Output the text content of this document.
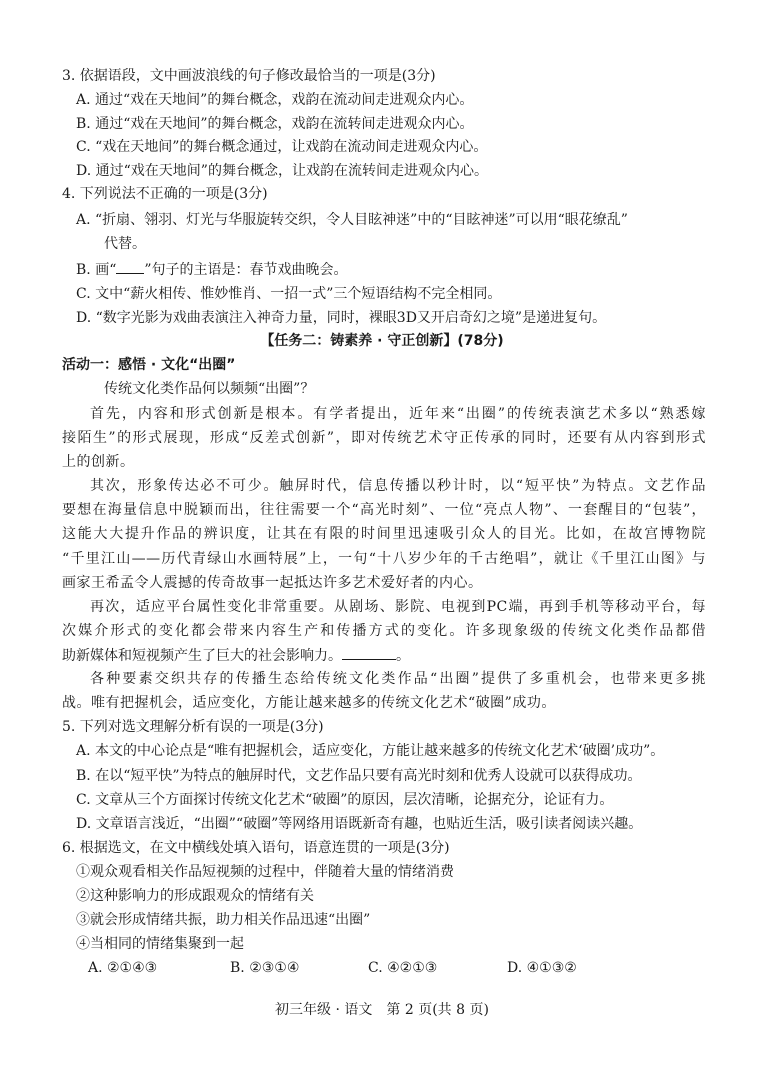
3. 依据语段，文中画波浪线的句子修改最恰当的一项是(3分)
A. 通过“戏在天地间”的舞台概念，戏韵在流动间走进观众内心。
B. 通过“戏在天地间”的舞台概念，戏韵在流转间走进观众内心。
C. “戏在天地间”的舞台概念通过，让戏韵在流动间走进观众内心。
D. 通过“戏在天地间”的舞台概念，让戏韵在流转间走进观众内心。
4. 下列说法不正确的一项是(3分)
A. “折扇、翎羽、灯光与华服旋转交织，令人目眩神迷”中的“目眩神迷”可以用“眼花缭乱”
代替。
B. 画“ ”句子的主语是：春节戏曲晚会。
C. 文中“薪火相传、惟妙惟肖、一招一式”三个短语结构不完全相同。
D. “数字光影为戏曲表演注入神奇力量，同时，裸眼3D又开启奇幻之境”是递进复句。
【任务二：铸素养 · 守正创新】(78分)
活动一：感悟 · 文化“出圈”
传统文化类作品何以频频“出圈”？
首先，内容和形式创新是根本。有学者提出，近年来“出圈”的传统表演艺术多以“熟悉嫁
接陌生”的形式展现，形成“反差式创新”，即对传统艺术守正传承的同时，还要有从内容到形式
上的创新。
其次，形象传达必不可少。触屏时代，信息传播以秒计时，以“短平快”为特点。文艺作品
要想在海量信息中脱颖而出，往往需要一个“高光时刻”、一位“亮点人物”、一套醒目的“包装”，
这能大大提升作品的辨识度，让其在有限的时间里迅速吸引众人的目光。比如，在故宫博物院
“千里江山——历代青绿山水画特展”上，一句“十八岁少年的千古绝唱”，就让《千里江山图》与
画家王希孟令人震撼的传奇故事一起抵达许多艺术爱好者的内心。
再次，适应平台属性变化非常重要。从剧场、影院、电视到PC端，再到手机等移动平台，每
次媒介形式的变化都会带来内容生产和传播方式的变化。许多现象级的传统文化类作品都借
助新媒体和短视频产生了巨大的社会影响力。	。
各种要素交织共存的传播生态给传统文化类作品“出圈”提供了多重机会，也带来更多挑
战。唯有把握机会，适应变化，方能让越来越多的传统文化艺术“破圈”成功。
5. 下列对选文理解分析有误的一项是(3分)
A. 本文的中心论点是“唯有把握机会，适应变化，方能让越来越多的传统文化艺术‘破圈’成功”。
B. 在以“短平快”为特点的触屏时代，文艺作品只要有高光时刻和优秀人设就可以获得成功。
C. 文章从三个方面探讨传统文化艺术“破圈”的原因，层次清晰，论据充分，论证有力。
D. 文章语言浅近，“出圈”“破圈”等网络用语既新奇有趣，也贴近生活，吸引读者阅读兴趣。
6. 根据选文，在文中横线处填入语句，语意连贯的一项是(3分)
①观众观看相关作品短视频的过程中，伴随着大量的情绪消费
②这种影响力的形成跟观众的情绪有关
③就会形成情绪共振，助力相关作品迅速“出圈”
④当相同的情绪集聚到一起
A. ②①④③	B. ②③①④	C. ④②①③	D. ④①③②
初三年级 · 语文　第 2 页(共 8 页)
